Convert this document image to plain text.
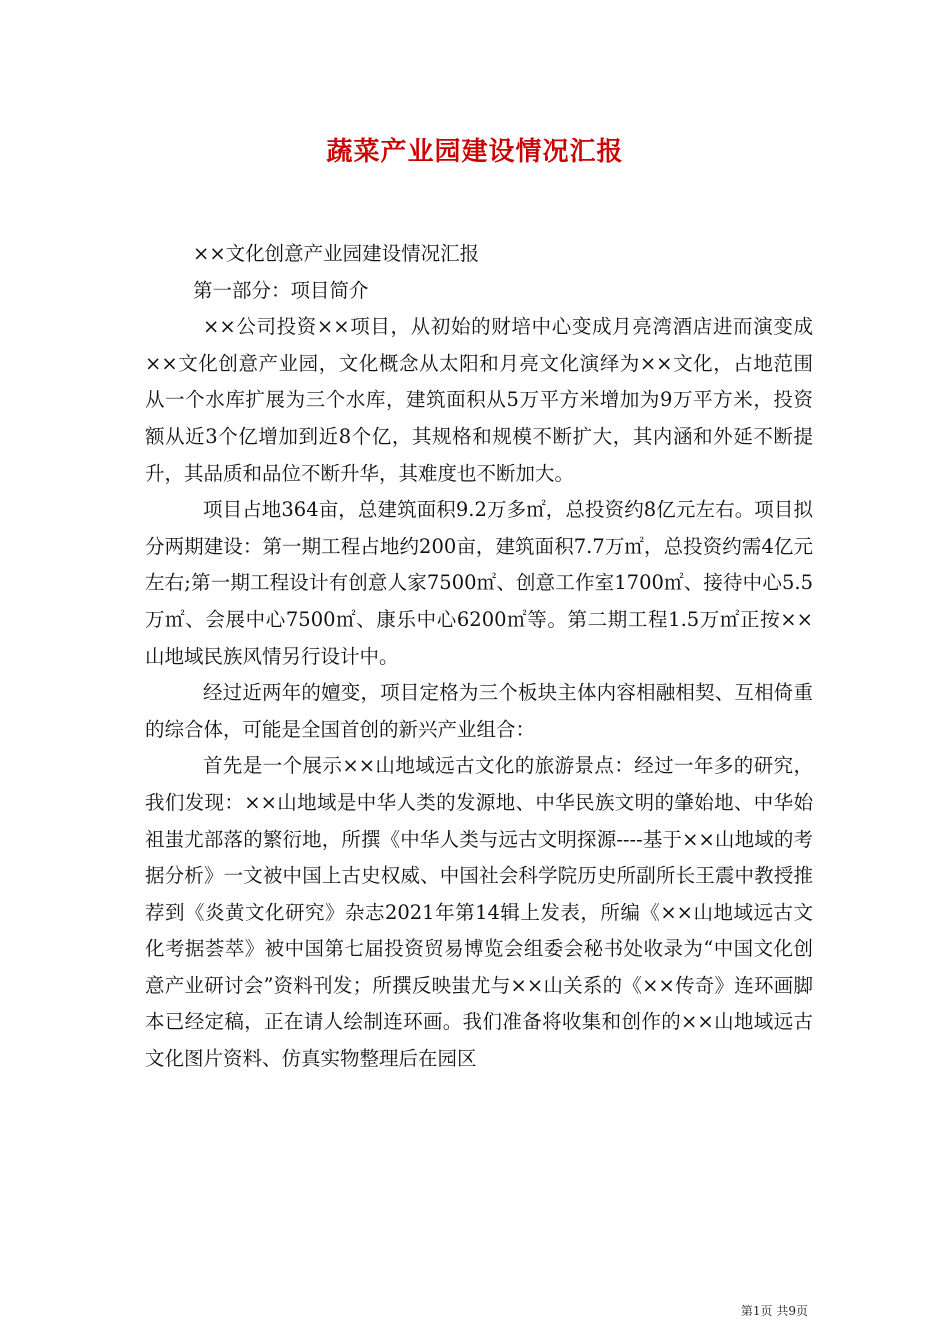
蔬菜产业园建设情况汇报

××文化创意产业园建设情况汇报

第一部分：项目简介

××公司投资××项目，从初始的财培中心变成月亮湾酒店进而演变成××文化创意产业园，文化概念从太阳和月亮文化演绎为××文化，占地范围从一个水库扩展为三个水库，建筑面积从5万平方米增加为9万平方米，投资额从近3个亿增加到近8个亿，其规格和规模不断扩大，其内涵和外延不断提升，其品质和品位不断升华，其难度也不断加大。

项目占地364亩，总建筑面积9.2万多㎡，总投资约8亿元左右。项目拟分两期建设：第一期工程占地约200亩，建筑面积7.7万㎡，总投资约需4亿元左右;第一期工程设计有创意人家7500㎡、创意工作室1700㎡、接待中心5.5万㎡、会展中心7500㎡、康乐中心6200㎡等。第二期工程1.5万㎡正按××山地域民族风情另行设计中。

经过近两年的嬗变，项目定格为三个板块主体内容相融相契、互相倚重的综合体，可能是全国首创的新兴产业组合：

首先是一个展示××山地域远古文化的旅游景点：经过一年多的研究，我们发现：××山地域是中华人类的发源地、中华民族文明的肇始地、中华始祖蚩尤部落的繁衍地，所撰《中华人类与远古文明探源----基于××山地域的考据分析》一文被中国上古史权威、中国社会科学院历史所副所长王震中教授推荐到《炎黄文化研究》杂志2021年第14辑上发表，所编《××山地域远古文化考据荟萃》被中国第七届投资贸易博览会组委会秘书处收录为“中国文化创意产业研讨会”资料刊发；所撰反映蚩尤与××山关系的《××传奇》连环画脚本已经定稿，正在请人绘制连环画。我们准备将收集和创作的××山地域远古文化图片资料、仿真实物整理后在园区

第1页 共9页
